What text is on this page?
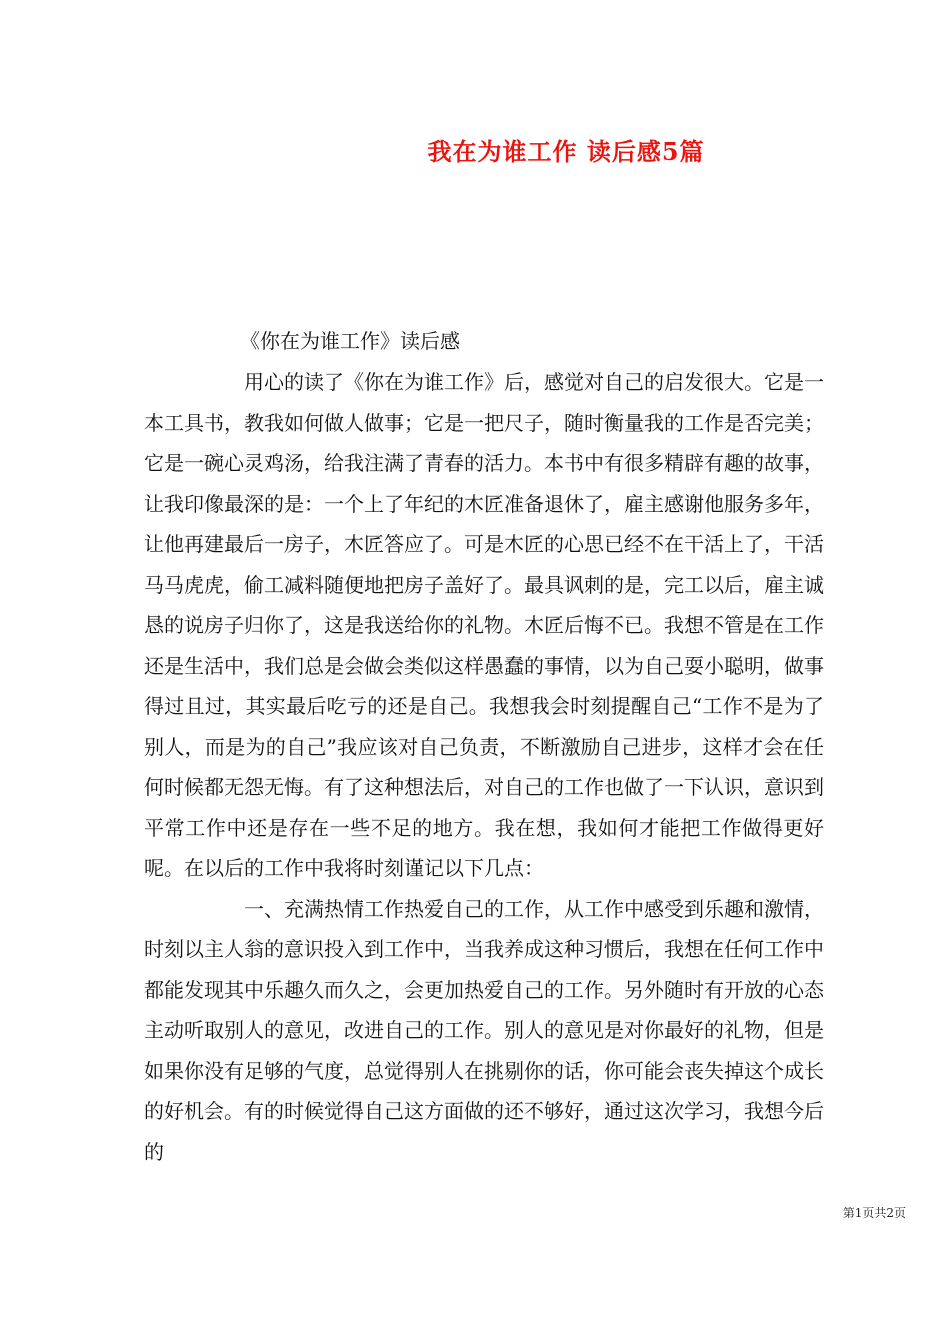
我在为谁工作 读后感5篇
《你在为谁工作》读后感

用心的读了《你在为谁工作》后，感觉对自己的启发很大。它是一本工具书，教我如何做人做事；它是一把尺子，随时衡量我的工作是否完美；它是一碗心灵鸡汤，给我注满了青春的活力。本书中有很多精辟有趣的故事，让我印像最深的是：一个上了年纪的木匠准备退休了，雇主感谢他服务多年，让他再建最后一房子，木匠答应了。可是木匠的心思已经不在干活上了，干活马马虎虎，偷工减料随便地把房子盖好了。最具讽刺的是，完工以后，雇主诚恳的说房子归你了，这是我送给你的礼物。木匠后悔不已。我想不管是在工作还是生活中，我们总是会做会类似这样愚蠢的事情，以为自己耍小聪明，做事得过且过，其实最后吃亏的还是自己。我想我会时刻提醒自己“工作不是为了别人，而是为的自己”我应该对自己负责，不断激励自己进步，这样才会在任何时候都无怨无悔。有了这种想法后，对自己的工作也做了一下认识，意识到平常工作中还是存在一些不足的地方。我在想，我如何才能把工作做得更好呢。在以后的工作中我将时刻谨记以下几点：

一、充满热情工作热爱自己的工作，从工作中感受到乐趣和激情，时刻以主人翁的意识投入到工作中，当我养成这种习惯后，我想在任何工作中都能发现其中乐趣久而久之，会更加热爱自己的工作。另外随时有开放的心态主动听取别人的意见，改进自己的工作。别人的意见是对你最好的礼物，但是如果你没有足够的气度，总觉得别人在挑剔你的话，你可能会丧失掉这个成长的好机会。有的时候觉得自己这方面做的还不够好，通过这次学习，我想今后的

第1页共2页
